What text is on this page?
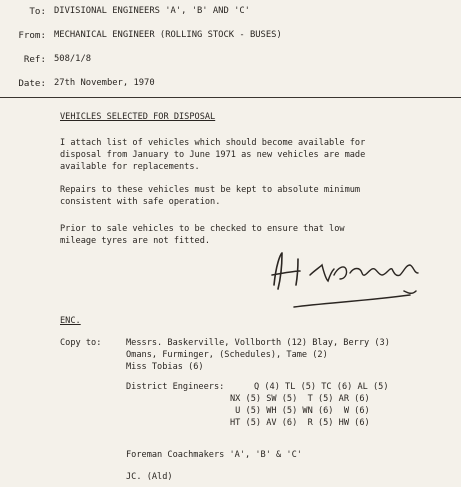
To: DIVISIONAL ENGINEERS 'A', 'B' AND 'C'
From: MECHANICAL ENGINEER (ROLLING STOCK - BUSES)
Ref: 508/1/8
Date: 27th November, 1970
VEHICLES SELECTED FOR DISPOSAL
I attach list of vehicles which should become available for
disposal from January to June 1971 as new vehicles are made
available for replacements.
Repairs to these vehicles must be kept to absolute minimum
consistent with safe operation.
Prior to sale vehicles to be checked to ensure that low
mileage tyres are not fitted.
ENC.
Copy to:	Messrs. Baskerville, Vollborth (12) Blay, Berry (3)
Omans, Furminger, (Schedules), Tame (2)
Miss Tobias (6)
District Engineers:	Q (4) TL (5) TC (6) AL (5)
NX (5) SW (5)  T (5) AR (6)
U (5) WH (5) WN (6)  W (6)
HT (5) AV (6)  R (5) HW (6)
Foreman Coachmakers 'A', 'B' & 'C'
JC. (Ald)
